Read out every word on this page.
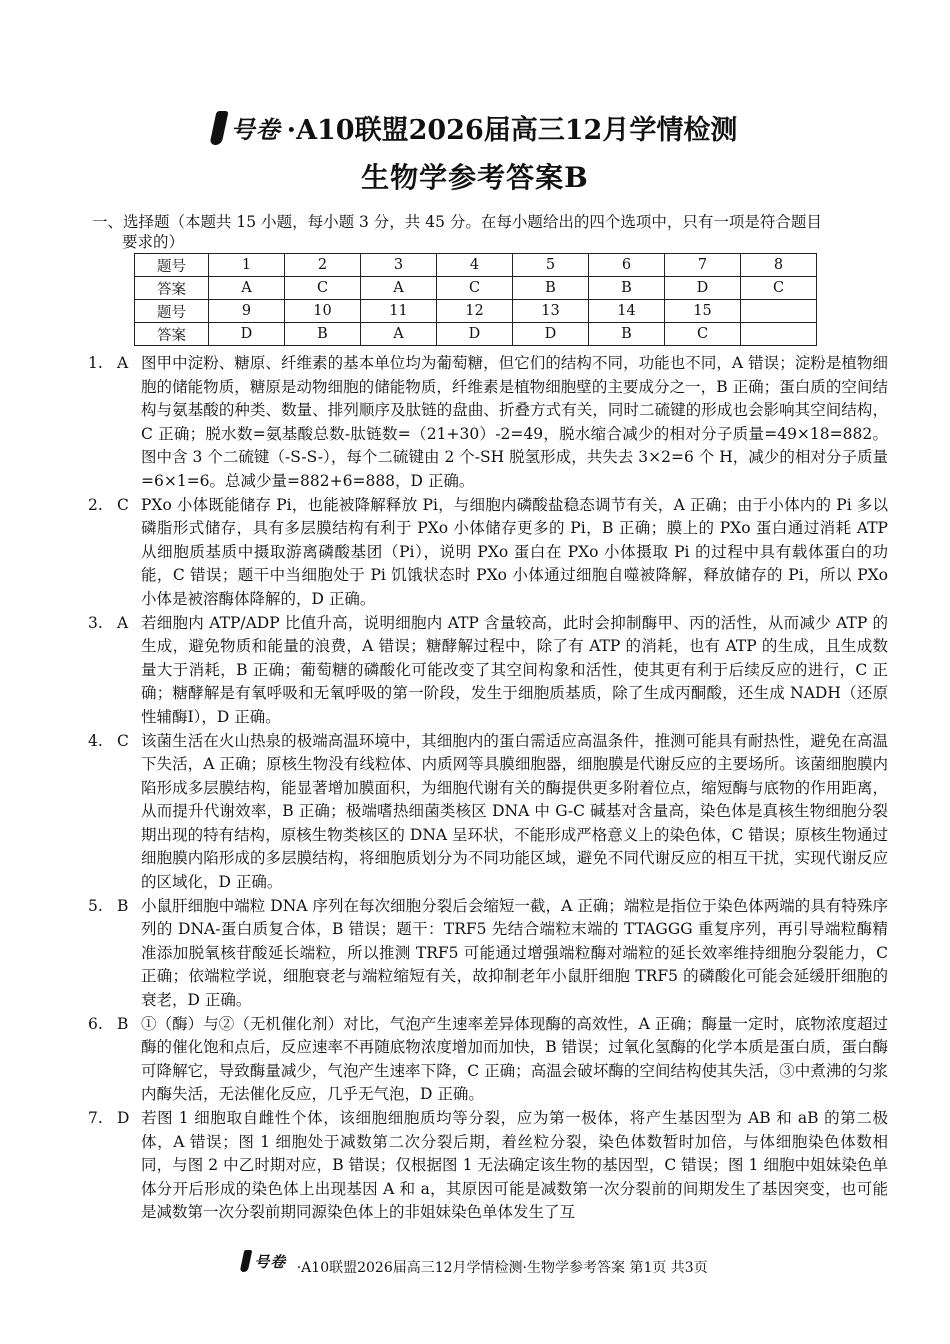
号卷 ·A10联盟2026届高三12月学情检测
生物学参考答案B
一、选择题（本题共 15 小题，每小题 3 分，共 45 分。在每小题给出的四个选项中，只有一项是符合题目
要求的）
题号	1	2	3	4	5	6	7	8
答案	A	C	A	C	B	B	D	C
题号	9	10	11	12	13	14	15	
答案	D	B	A	D	D	B	C	
1. A 图甲中淀粉、糖原、纤维素的基本单位均为葡萄糖，但它们的结构不同，功能也不同，A 错误；淀粉是植物细胞的储能物质，糖原是动物细胞的储能物质，纤维素是植物细胞壁的主要成分之一，B 正确；蛋白质的空间结构与氨基酸的种类、数量、排列顺序及肽链的盘曲、折叠方式有关，同时二硫键的形成也会影响其空间结构，C 正确；脱水数=氨基酸总数-肽链数=（21+30）-2=49，脱水缩合减少的相对分子质量=49×18=882。图中含 3 个二硫键（-S-S-），每个二硫键由 2 个-SH 脱氢形成，共失去 3×2=6 个 H，减少的相对分子质量=6×1=6。总减少量=882+6=888，D 正确。
2. C PXo 小体既能储存 Pi，也能被降解释放 Pi，与细胞内磷酸盐稳态调节有关，A 正确；由于小体内的 Pi 多以磷脂形式储存，具有多层膜结构有利于 PXo 小体储存更多的 Pi，B 正确；膜上的 PXo 蛋白通过消耗 ATP 从细胞质基质中摄取游离磷酸基团（Pi），说明 PXo 蛋白在 PXo 小体摄取 Pi 的过程中具有载体蛋白的功能，C 错误；题干中当细胞处于 Pi 饥饿状态时 PXo 小体通过细胞自噬被降解，释放储存的 Pi，所以 PXo 小体是被溶酶体降解的，D 正确。
3. A 若细胞内 ATP/ADP 比值升高，说明细胞内 ATP 含量较高，此时会抑制酶甲、丙的活性，从而减少 ATP 的生成，避免物质和能量的浪费，A 错误；糖酵解过程中，除了有 ATP 的消耗，也有 ATP 的生成，且生成数量大于消耗，B 正确；葡萄糖的磷酸化可能改变了其空间构象和活性，使其更有利于后续反应的进行，C 正确；糖酵解是有氧呼吸和无氧呼吸的第一阶段，发生于细胞质基质，除了生成丙酮酸，还生成 NADH（还原性辅酶Ⅰ），D 正确。
4. C 该菌生活在火山热泉的极端高温环境中，其细胞内的蛋白需适应高温条件，推测可能具有耐热性，避免在高温下失活，A 正确；原核生物没有线粒体、内质网等具膜细胞器，细胞膜是代谢反应的主要场所。该菌细胞膜内陷形成多层膜结构，能显著增加膜面积，为细胞代谢有关的酶提供更多附着位点，缩短酶与底物的作用距离，从而提升代谢效率，B 正确；极端嗜热细菌类核区 DNA 中 G-C 碱基对含量高，染色体是真核生物细胞分裂期出现的特有结构，原核生物类核区的 DNA 呈环状，不能形成严格意义上的染色体，C 错误；原核生物通过细胞膜内陷形成的多层膜结构，将细胞质划分为不同功能区域，避免不同代谢反应的相互干扰，实现代谢反应的区域化，D 正确。
5. B 小鼠肝细胞中端粒 DNA 序列在每次细胞分裂后会缩短一截，A 正确；端粒是指位于染色体两端的具有特殊序列的 DNA-蛋白质复合体，B 错误；题干：TRF5 先结合端粒末端的 TTAGGG 重复序列，再引导端粒酶精准添加脱氧核苷酸延长端粒，所以推测 TRF5 可能通过增强端粒酶对端粒的延长效率维持细胞分裂能力，C 正确；依端粒学说，细胞衰老与端粒缩短有关，故抑制老年小鼠肝细胞 TRF5 的磷酸化可能会延缓肝细胞的衰老，D 正确。
6. B ①（酶）与②（无机催化剂）对比，气泡产生速率差异体现酶的高效性，A 正确；酶量一定时，底物浓度超过酶的催化饱和点后，反应速率不再随底物浓度增加而加快，B 错误；过氧化氢酶的化学本质是蛋白质，蛋白酶可降解它，导致酶量减少，气泡产生速率下降，C 正确；高温会破坏酶的空间结构使其失活，③中煮沸的匀浆内酶失活，无法催化反应，几乎无气泡，D 正确。
7. D 若图 1 细胞取自雌性个体，该细胞细胞质均等分裂，应为第一极体，将产生基因型为 AB 和 aB 的第二极体，A 错误；图 1 细胞处于减数第二次分裂后期，着丝粒分裂，染色体数暂时加倍，与体细胞染色体数相同，与图 2 中乙时期对应，B 错误；仅根据图 1 无法确定该生物的基因型，C 错误；图 1 细胞中姐妹染色单体分开后形成的染色体上出现基因 A 和 a，其原因可能是减数第一次分裂前的间期发生了基因突变，也可能是减数第一次分裂前期同源染色体上的非姐妹染色单体发生了互
号卷 ·A10联盟2026届高三12月学情检测·生物学参考答案 第1页 共3页
